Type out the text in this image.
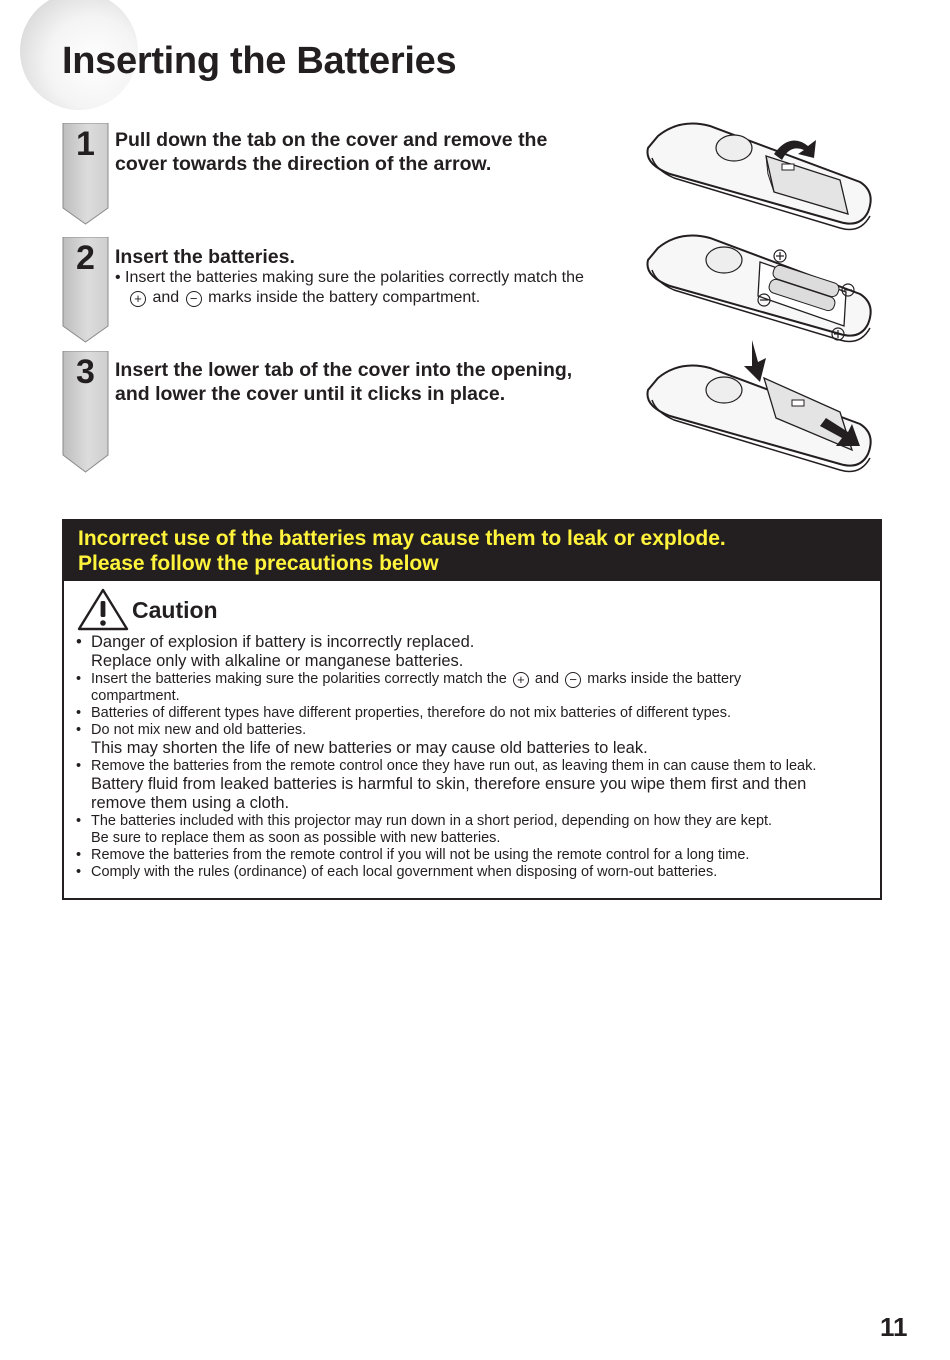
Inserting the Batteries
1	Pull down the tab on the cover and remove the
cover towards the direction of the arrow.

2	Insert the batteries.

• Insert the batteries making sure the polarities correctly match the
+ and − marks inside the battery compartment.

3	Insert the lower tab of the cover into the opening,
and lower the cover until it clicks in place.

Incorrect use of the batteries may cause them to leak or explode.
Please follow the precautions below
Caution
• Danger of explosion if battery is incorrectly replaced.
Replace only with alkaline or manganese batteries.
• Insert the batteries making sure the polarities correctly match the + and − marks inside the battery
compartment.
• Batteries of different types have different properties, therefore do not mix batteries of different types.
• Do not mix new and old batteries.
This may shorten the life of new batteries or may cause old batteries to leak.
• Remove the batteries from the remote control once they have run out, as leaving them in can cause them to leak.
Battery fluid from leaked batteries is harmful to skin, therefore ensure you wipe them first and then
remove them using a cloth.
• The batteries included with this projector may run down in a short period, depending on how they are kept.
Be sure to replace them as soon as possible with new batteries.
• Remove the batteries from the remote control if you will not be using the remote control for a long time.
• Comply with the rules (ordinance) of each local government when disposing of worn-out batteries.
11
